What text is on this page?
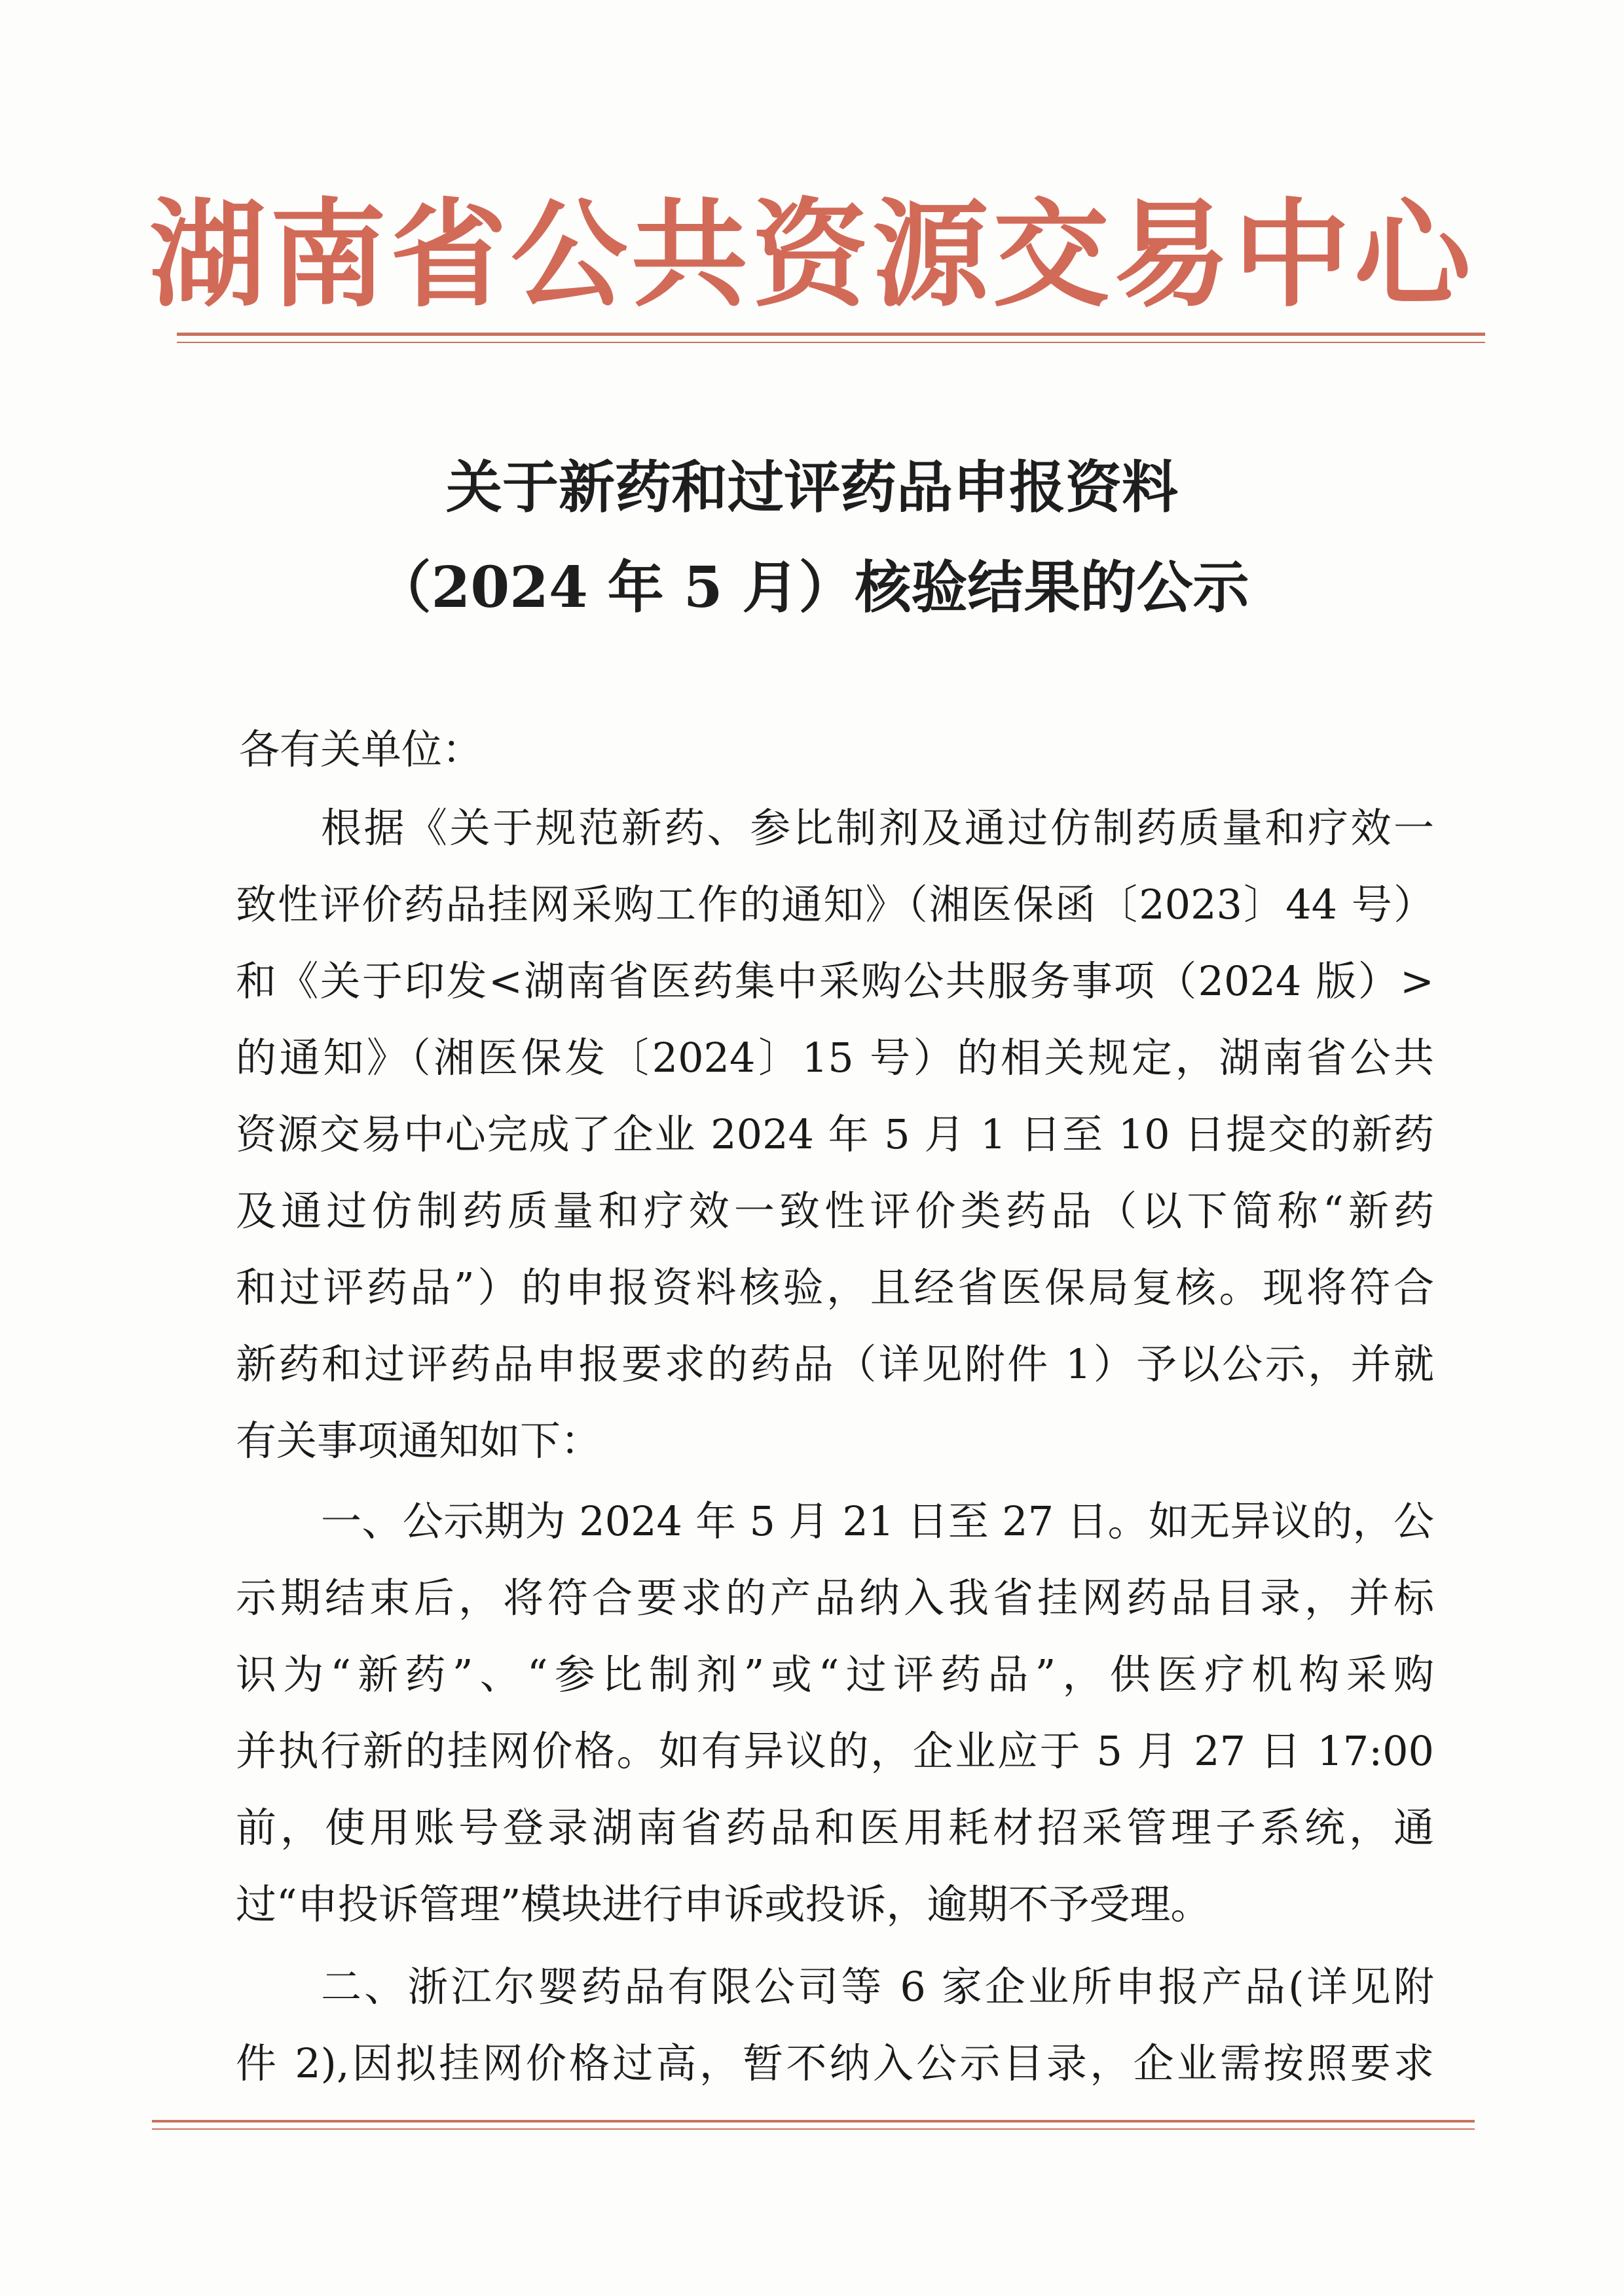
湖南省公共资源交易中心
关于新药和过评药品申报资料
（2024 年 5 月）核验结果的公示
各有关单位：
根据《关于规范新药、参比制剂及通过仿制药质量和疗效一
致性评价药品挂网采购工作的通知》（湘医保函〔2023〕44 号）
和《关于印发<湖南省医药集中采购公共服务事项（2024 版）>
的通知》（湘医保发〔2024〕15 号）的相关规定，湖南省公共
资源交易中心完成了企业 2024 年 5 月 1 日至 10 日提交的新药
及通过仿制药质量和疗效一致性评价类药品（以下简称“新药
和过评药品”）的申报资料核验，且经省医保局复核。现将符合
新药和过评药品申报要求的药品（详见附件 1）予以公示，并就
有关事项通知如下：
一、公示期为 2024 年 5 月 21 日至 27 日。如无异议的，公
示期结束后，将符合要求的产品纳入我省挂网药品目录，并标
识为“新药”、“参比制剂”或“过评药品”，供医疗机构采购
并执行新的挂网价格。如有异议的，企业应于 5 月 27 日 17:00
前，使用账号登录湖南省药品和医用耗材招采管理子系统，通
过“申投诉管理”模块进行申诉或投诉，逾期不予受理。
二、浙江尔婴药品有限公司等 6 家企业所申报产品(详见附
件 2),因拟挂网价格过高，暂不纳入公示目录，企业需按照要求
